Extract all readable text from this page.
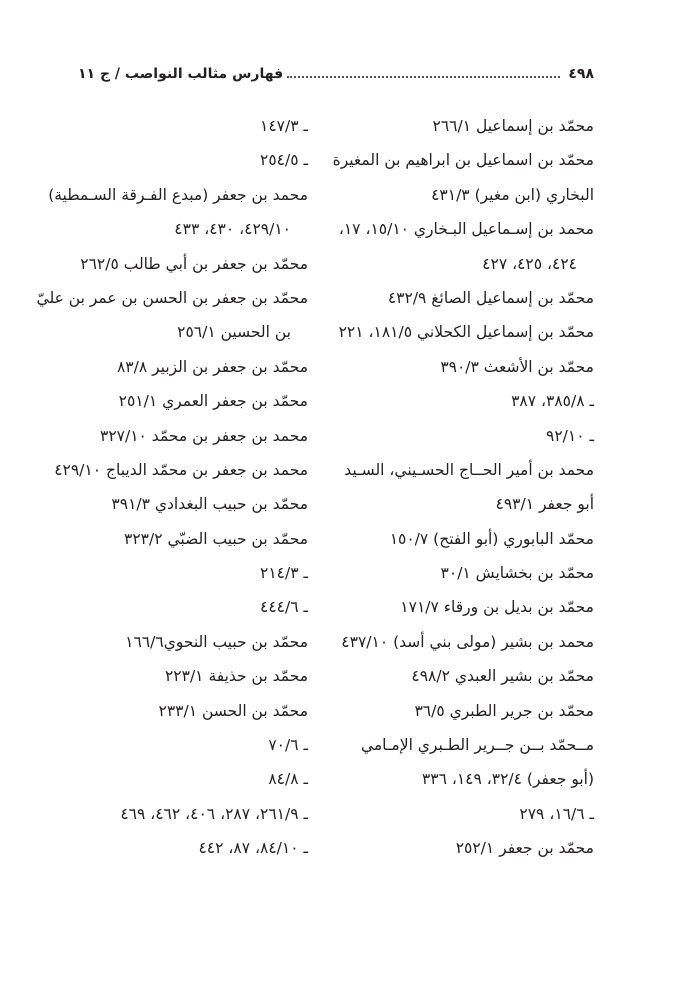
٤٩٨
فهارس مثالب النواصب / ج ١١
محمّد بن إسماعيل ٢٦٦/١
محمّد بن اسماعيل بن ابراهيم بن المغيرة
البخاري (ابن مغير) ٤٣١/٣
محمد بن إسـماعيل البـخاري ١٥/١٠، ١٧،
٤٢٤، ٤٢٥، ٤٢٧
محمّد بن إسماعيل الصائغ ٤٣٢/٩
محمّد بن إسماعيل الكحلاني ١٨١/٥، ٢٢١
محمّد بن الأشعث ٣٩٠/٣
ـ ٣٨٥/٨، ٣٨٧
ـ ٩٢/١٠
محمد بن أمير الحــاج الحسـيني، السـيد
أبو جعفر ٤٩٣/١
محمّد البابوري (أبو الفتح) ١٥٠/٧
محمّد بن بخشايش ٣٠/١
محمّد بن بديل بن ورقاء ١٧١/٧
محمد بن بشير (مولى بني أسد) ٤٣٧/١٠
محمّد بن بشير العبدي ٤٩٨/٢
محمّد بن جرير الطبري ٣٦/٥
مــحمّد بــن جــرير الطـبري الإمـامي
(أبو جعفر) ٣٢/٤، ١٤٩، ٣٣٦
ـ ١٦/٦، ٢٧٩
محمّد بن جعفر ٢٥٢/١
ـ ١٤٧/٣
ـ ٢٥٤/٥
محمد بن جعفر (مبدع الفـرقة السـمطية)
٤٢٩/١٠، ٤٣٠، ٤٣٣
محمّد بن جعفر بن أبي طالب ٢٦٢/٥
محمّد بن جعفر بن الحسن بن عمر بن عليّ
بن الحسين ٢٥٦/١
محمّد بن جعفر بن الزبير ٨٣/٨
محمّد بن جعفر العمري ٢٥١/١
محمد بن جعفر بن محمّد ٣٢٧/١٠
محمد بن جعفر بن محمّد الديباج ٤٢٩/١٠
محمّد بن حبيب البغدادي ٣٩١/٣
محمّد بن حبيب الضبّي ٣٢٣/٢
ـ ٢١٤/٣
ـ ٤٤٤/٦
محمّد بن حبيب النحوي١٦٦/٦
محمّد بن حذيفة ٢٢٣/١
محمّد بن الحسن ٢٣٣/١
ـ ٧٠/٦
ـ ٨٤/٨
ـ ٢٦١/٩، ٢٨٧، ٤٠٦، ٤٦٢، ٤٦٩
ـ ٨٤/١٠، ٨٧، ٤٤٢
